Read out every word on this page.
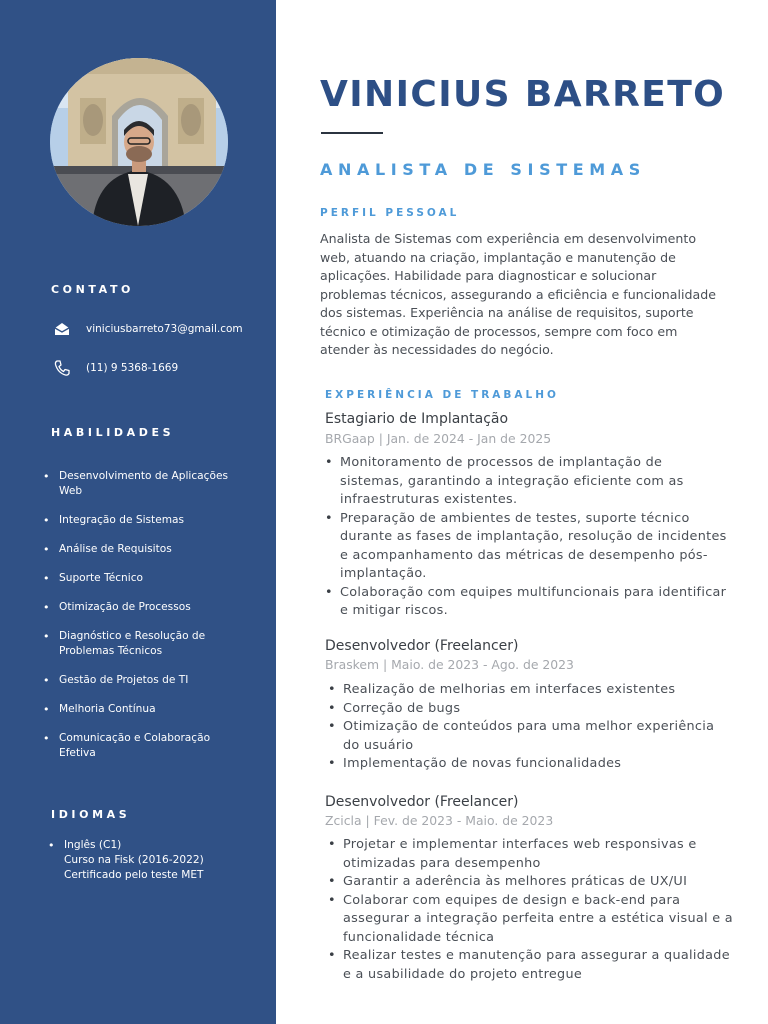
CONTATO
viniciusbarreto73@gmail.com
(11) 9 5368-1669
HABILIDADES
• Desenvolvimento de Aplicações Web
• Integração de Sistemas
• Análise de Requisitos
• Suporte Técnico
• Otimização de Processos
• Diagnóstico e Resolução de Problemas Técnicos
• Gestão de Projetos de TI
• Melhoria Contínua
• Comunicação e Colaboração Efetiva
IDIOMAS
• Inglês (C1)
Curso na Fisk (2016-2022)
Certificado pelo teste MET
VINICIUS BARRETO
ANALISTA DE SISTEMAS
PERFIL PESSOAL

Analista de Sistemas com experiência em desenvolvimento web, atuando na criação, implantação e manutenção de aplicações. Habilidade para diagnosticar e solucionar problemas técnicos, assegurando a eficiência e funcionalidade dos sistemas. Experiência na análise de requisitos, suporte técnico e otimização de processos, sempre com foco em atender às necessidades do negócio.

EXPERIÊNCIA DE TRABALHO
Estagiario de Implantação
BRGaap | Jan. de 2024 - Jan de 2025
• Monitoramento de processos de implantação de sistemas, garantindo a integração eficiente com as infraestruturas existentes.
• Preparação de ambientes de testes, suporte técnico durante as fases de implantação, resolução de incidentes e acompanhamento das métricas de desempenho pós-implantação.
• Colaboração com equipes multifuncionais para identificar e mitigar riscos.
Desenvolvedor (Freelancer)
Braskem | Maio. de 2023 - Ago. de 2023
• Realização de melhorias em interfaces existentes
• Correção de bugs
• Otimização de conteúdos para uma melhor experiência do usuário
• Implementação de novas funcionalidades
Desenvolvedor (Freelancer)
Zcicla | Fev. de 2023 - Maio. de 2023
• Projetar e implementar interfaces web responsivas e otimizadas para desempenho
• Garantir a aderência às melhores práticas de UX/UI
• Colaborar com equipes de design e back-end para assegurar a integração perfeita entre a estética visual e a funcionalidade técnica
• Realizar testes e manutenção para assegurar a qualidade e a usabilidade do projeto entregue
